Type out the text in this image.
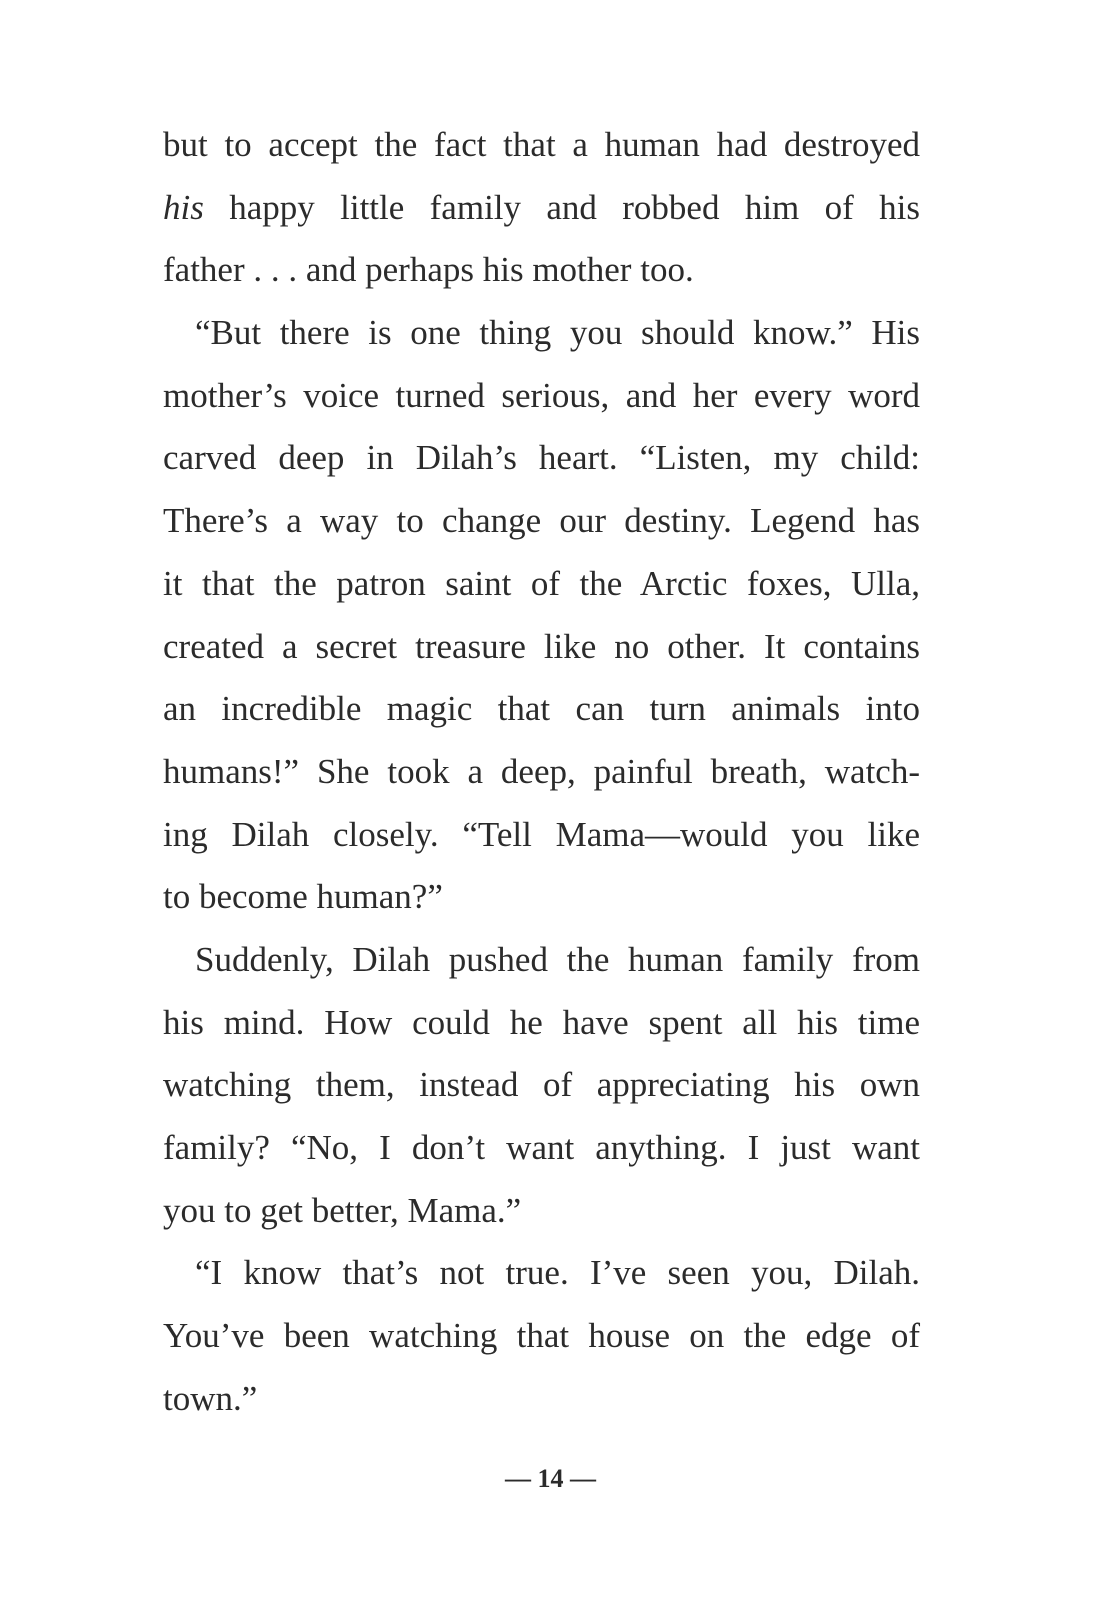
but to accept the fact that a human had destroyed
his happy little family and robbed him of his
father . . . and perhaps his mother too.
“But there is one thing you should know.” His
mother’s voice turned serious, and her every word
carved deep in Dilah’s heart. “Listen, my child:
There’s a way to change our destiny. Legend has
it that the patron saint of the Arctic foxes, Ulla,
created a secret treasure like no other. It contains
an incredible magic that can turn animals into
humans!” She took a deep, painful breath, watch-
ing Dilah closely. “Tell Mama—would you like
to become human?”
Suddenly, Dilah pushed the human family from
his mind. How could he have spent all his time
watching them, instead of appreciating his own
family? “No, I don’t want anything. I just want
you to get better, Mama.”
“I know that’s not true. I’ve seen you, Dilah.
You’ve been watching that house on the edge of
town.”
— 14 —
